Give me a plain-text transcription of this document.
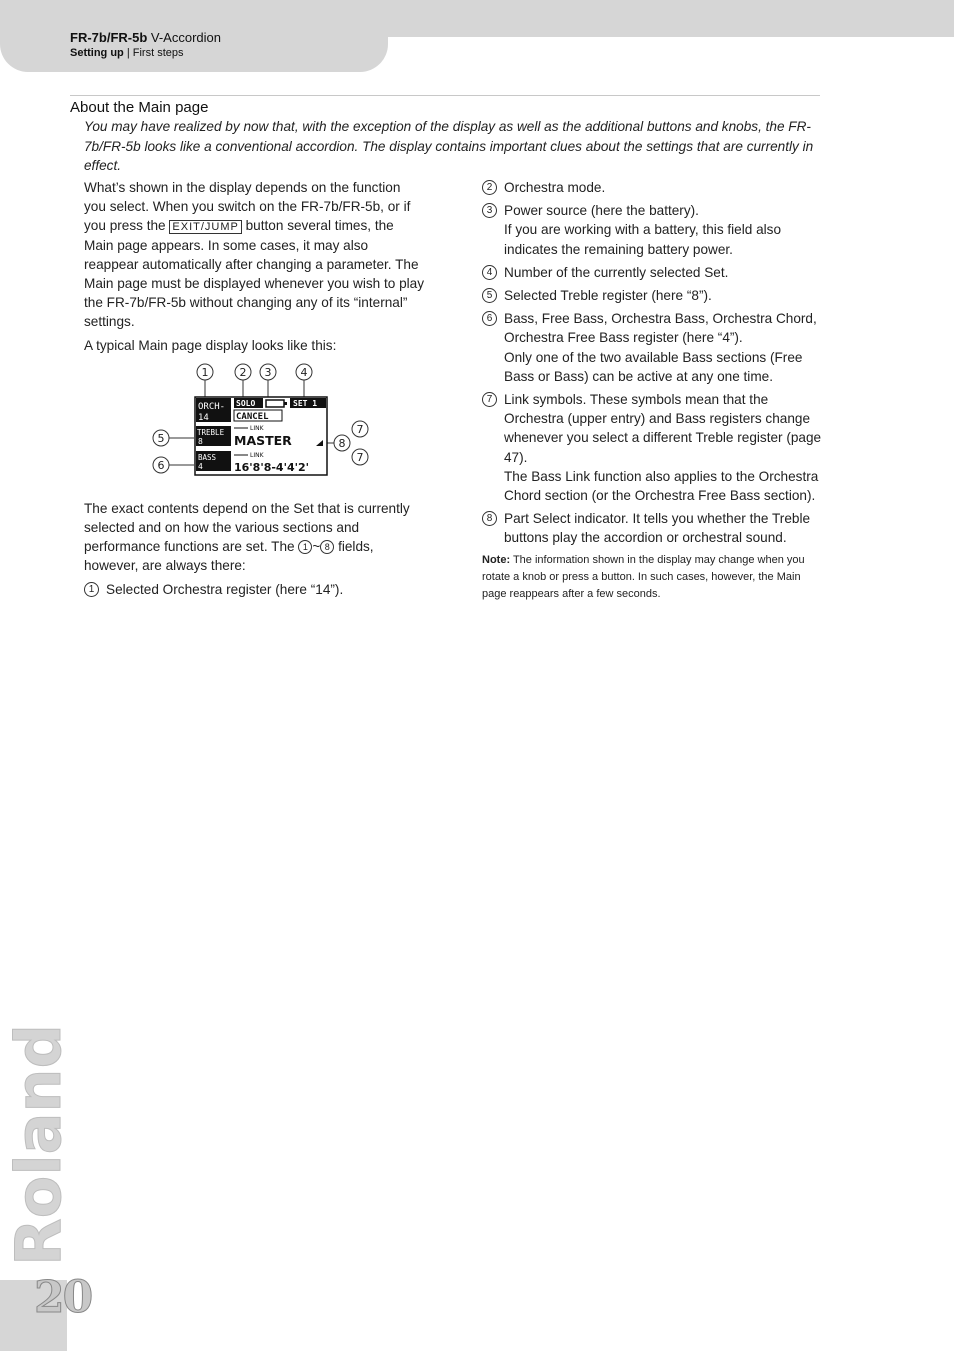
FR-7b/FR-5b V-Accordion
Setting up | First steps
About the Main page

You may have realized by now that, with the exception of the display as well as the additional buttons and knobs, the FR-7b/FR-5b looks like a conventional accordion. The display contains important clues about the settings that are currently in effect.

What’s shown in the display depends on the function you select. When you switch on the FR-7b/FR-5b, or if you press the EXIT/JUMP button several times, the Main page appears. In some cases, it may also reappear automatically after changing a parameter. The Main page must be displayed whenever you wish to play the FR-7b/FR-5b without changing any of its “internal” settings.

A typical Main page display looks like this:

The exact contents depend on the Set that is currently selected and on how the various sections and performance functions are set. The 1 ~ 8 fields, however, are always there:

1 Selected Orchestra register (here “14”).
1	2 3	4
5
6
7
8
7
ORCH-
14
SOLO	SET 1
CANCEL
LINK
TREBLE
8 MASTER
BASS
4
LINK
16'8'8-4'4'2'
2 Orchestra mode.
3 Power source (here the battery).
If you are working with a battery, this field also indicates the remaining battery power.
4 Number of the currently selected Set.
5 Selected Treble register (here “8”).
6 Bass, Free Bass, Orchestra Bass, Orchestra Chord, Orchestra Free Bass register (here “4”).
Only one of the two available Bass sections (Free Bass or Bass) can be active at any one time.
7 Link symbols. These symbols mean that the Orchestra (upper entry) and Bass registers change whenever you select a different Treble register (page 47).
The Bass Link function also applies to the Orchestra Chord section (or the Orchestra Free Bass section).
8 Part Select indicator. It tells you whether the Treble buttons play the accordion or orchestral sound.

Note: The information shown in the display may change when you rotate a knob or press a button. In such cases, however, the Main page reappears after a few seconds.

Roland
20
